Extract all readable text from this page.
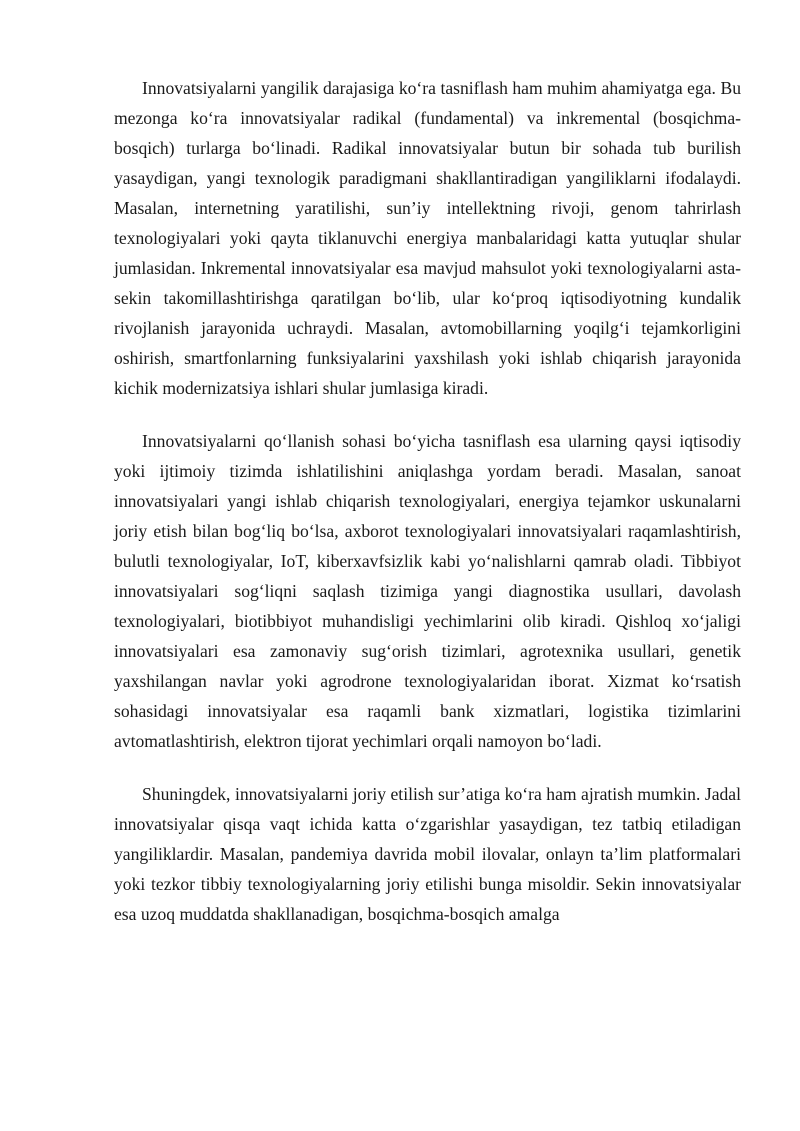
Innovatsiyalarni yangilik darajasiga ko‘ra tasniflash ham muhim ahamiyatga ega. Bu mezonga ko‘ra innovatsiyalar radikal (fundamental) va inkremental (bosqichma-bosqich) turlarga bo‘linadi. Radikal innovatsiyalar butun bir sohada tub burilish yasaydigan, yangi texnologik paradigmani shakllantiradigan yangiliklarni ifodalaydi. Masalan, internetning yaratilishi, sun’iy intellektning rivoji, genom tahrirlash texnologiyalari yoki qayta tiklanuvchi energiya manbalaridagi katta yutuqlar shular jumlasidan. Inkremental innovatsiyalar esa mavjud mahsulot yoki texnologiyalarni asta-sekin takomillashtirishga qaratilgan bo‘lib, ular ko‘proq iqtisodiyotning kundalik rivojlanish jarayonida uchraydi. Masalan, avtomobillarning yoqilg‘i tejamkorligini oshirish, smartfonlarning funksiyalarini yaxshilash yoki ishlab chiqarish jarayonida kichik modernizatsiya ishlari shular jumlasiga kiradi.

Innovatsiyalarni qo‘llanish sohasi bo‘yicha tasniflash esa ularning qaysi iqtisodiy yoki ijtimoiy tizimda ishlatilishini aniqlashga yordam beradi. Masalan, sanoat innovatsiyalari yangi ishlab chiqarish texnologiyalari, energiya tejamkor uskunalarni joriy etish bilan bog‘liq bo‘lsa, axborot texnologiyalari innovatsiyalari raqamlashtirish, bulutli texnologiyalar, IoT, kiberxavfsizlik kabi yo‘nalishlarni qamrab oladi. Tibbiyot innovatsiyalari sog‘liqni saqlash tizimiga yangi diagnostika usullari, davolash texnologiyalari, biotibbiyot muhandisligi yechimlarini olib kiradi. Qishloq xo‘jaligi innovatsiyalari esa zamonaviy sug‘orish tizimlari, agrotexnika usullari, genetik yaxshilangan navlar yoki agrodrone texnologiyalaridan iborat. Xizmat ko‘rsatish sohasidagi innovatsiyalar esa raqamli bank xizmatlari, logistika tizimlarini avtomatlashtirish, elektron tijorat yechimlari orqali namoyon bo‘ladi.

Shuningdek, innovatsiyalarni joriy etilish sur’atiga ko‘ra ham ajratish mumkin. Jadal innovatsiyalar qisqa vaqt ichida katta o‘zgarishlar yasaydigan, tez tatbiq etiladigan yangiliklardir. Masalan, pandemiya davrida mobil ilovalar, onlayn ta’lim platformalari yoki tezkor tibbiy texnologiyalarning joriy etilishi bunga misoldir. Sekin innovatsiyalar esa uzoq muddatda shakllanadigan, bosqichma-bosqich amalga
